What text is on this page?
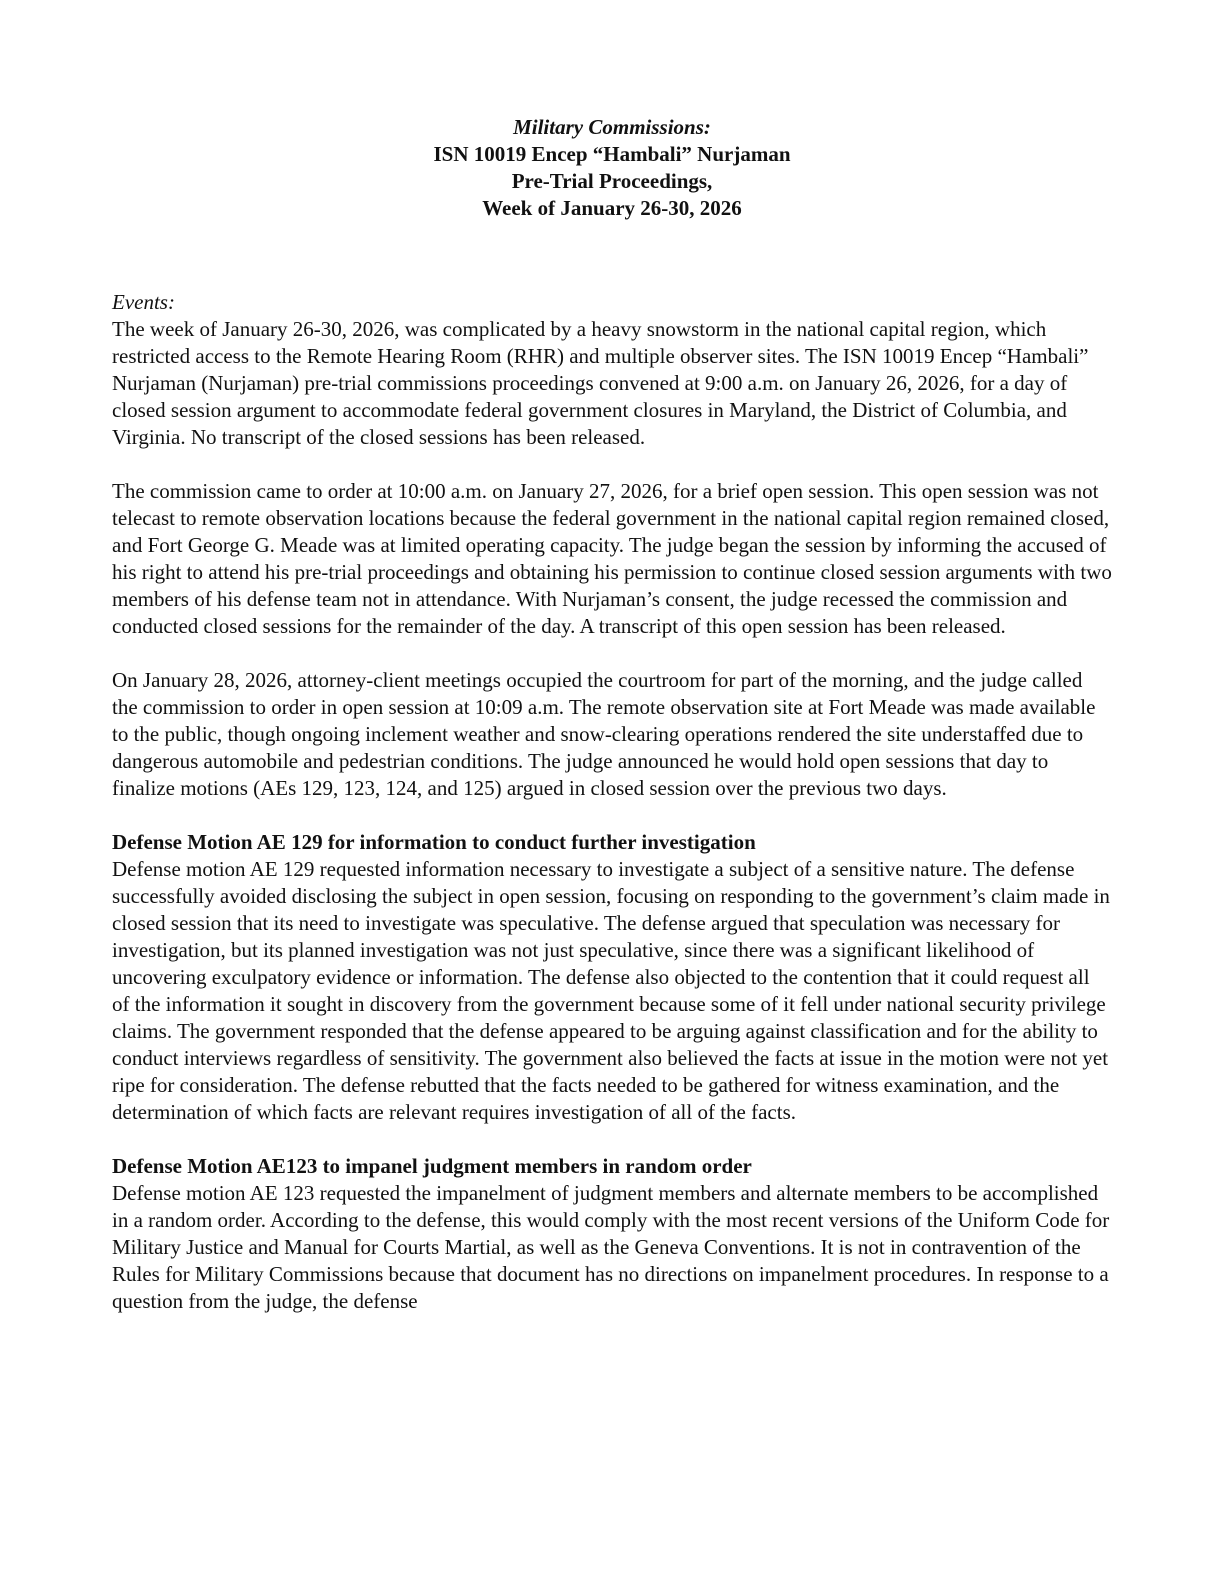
Military Commissions:
ISN 10019 Encep “Hambali” Nurjaman
Pre-Trial Proceedings,
Week of January 26-30, 2026
Events:

The week of January 26-30, 2026, was complicated by a heavy snowstorm in the national capital region, which restricted access to the Remote Hearing Room (RHR) and multiple observer sites. The ISN 10019 Encep “Hambali” Nurjaman (Nurjaman) pre-trial commissions proceedings convened at 9:00 a.m. on January 26, 2026, for a day of closed session argument to accommodate federal government closures in Maryland, the District of Columbia, and Virginia. No transcript of the closed sessions has been released.

The commission came to order at 10:00 a.m. on January 27, 2026, for a brief open session. This open session was not telecast to remote observation locations because the federal government in the national capital region remained closed, and Fort George G. Meade was at limited operating capacity. The judge began the session by informing the accused of his right to attend his pre-trial proceedings and obtaining his permission to continue closed session arguments with two members of his defense team not in attendance. With Nurjaman’s consent, the judge recessed the commission and conducted closed sessions for the remainder of the day. A transcript of this open session has been released.

On January 28, 2026, attorney-client meetings occupied the courtroom for part of the morning, and the judge called the commission to order in open session at 10:09 a.m. The remote observation site at Fort Meade was made available to the public, though ongoing inclement weather and snow-clearing operations rendered the site understaffed due to dangerous automobile and pedestrian conditions. The judge announced he would hold open sessions that day to finalize motions (AEs 129, 123, 124, and 125) argued in closed session over the previous two days.

Defense Motion AE 129 for information to conduct further investigation

Defense motion AE 129 requested information necessary to investigate a subject of a sensitive nature. The defense successfully avoided disclosing the subject in open session, focusing on responding to the government’s claim made in closed session that its need to investigate was speculative. The defense argued that speculation was necessary for investigation, but its planned investigation was not just speculative, since there was a significant likelihood of uncovering exculpatory evidence or information. The defense also objected to the contention that it could request all of the information it sought in discovery from the government because some of it fell under national security privilege claims. The government responded that the defense appeared to be arguing against classification and for the ability to conduct interviews regardless of sensitivity. The government also believed the facts at issue in the motion were not yet ripe for consideration. The defense rebutted that the facts needed to be gathered for witness examination, and the determination of which facts are relevant requires investigation of all of the facts.

Defense Motion AE123 to impanel judgment members in random order

Defense motion AE 123 requested the impanelment of judgment members and alternate members to be accomplished in a random order. According to the defense, this would comply with the most recent versions of the Uniform Code for Military Justice and Manual for Courts Martial, as well as the Geneva Conventions. It is not in contravention of the Rules for Military Commissions because that document has no directions on impanelment procedures. In response to a question from the judge, the defense
